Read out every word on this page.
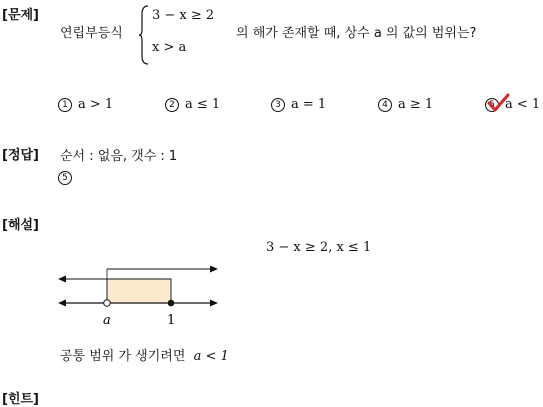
[문제]
연립부등식
3 − x ≥ 2
x > a
의 해가 존재할 때, 상수 a 의 값의 범위는?
1 a > 1	2 a ≤ 1	3 a = 1	4 a ≥ 1	5 a < 1
[정답] 순서 : 없음, 갯수 : 1
5
[해설]
3 − x ≥ 2, x ≤ 1
a	1
공통 범위 가 생기려면 a < 1
[힌트]
